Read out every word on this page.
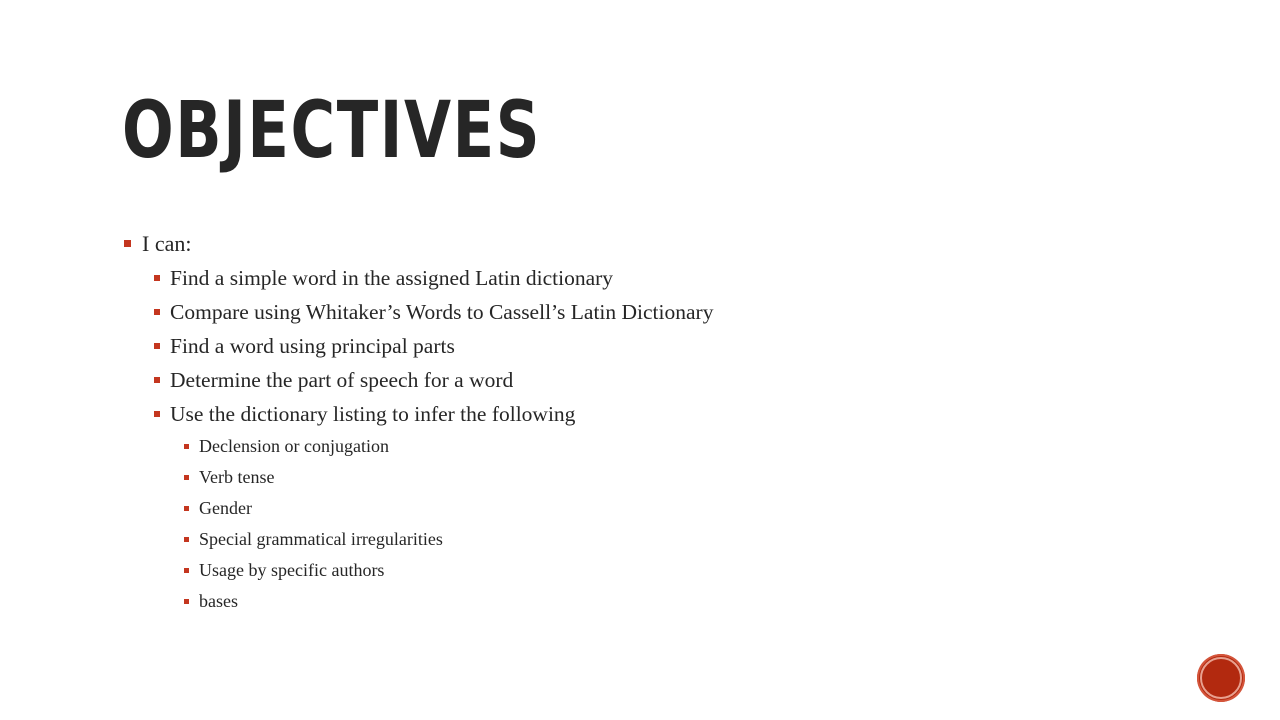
OBJECTIVES
I can:
Find a simple word in the assigned Latin dictionary
Compare using Whitaker’s Words to Cassell’s Latin Dictionary
Find a word using principal parts
Determine the part of speech for a word
Use the dictionary listing to infer the following
Declension or conjugation
Verb tense
Gender
Special grammatical irregularities
Usage by specific authors
bases
